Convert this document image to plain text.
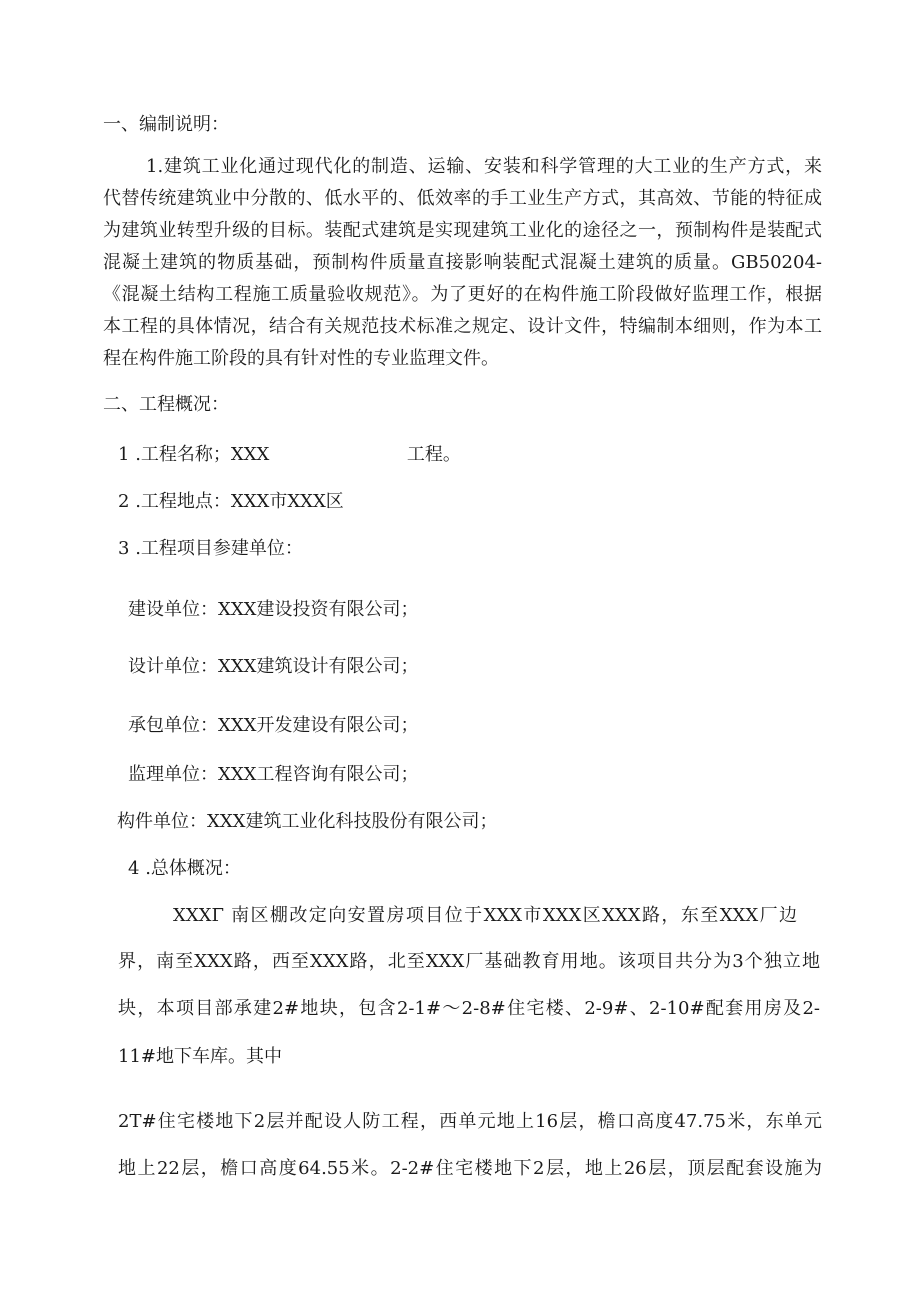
一、编制说明：
1.建筑工业化通过现代化的制造、运输、安装和科学管理的大工业的生产方式，来
代替传统建筑业中分散的、低水平的、低效率的手工业生产方式，其高效、节能的特征成
为建筑业转型升级的目标。装配式建筑是实现建筑工业化的途径之一，预制构件是装配式
混凝土建筑的物质基础，预制构件质量直接影响装配式混凝土建筑的质量。GB50204-
《混凝土结构工程施工质量验收规范》。为了更好的在构件施工阶段做好监理工作，根据
本工程的具体情况，结合有关规范技术标准之规定、设计文件，特编制本细则，作为本工
程在构件施工阶段的具有针对性的专业监理文件。
二、工程概况：
1 .工程名称；XXX	工程。
2 .工程地点：XXX市XXX区
3 .工程项目参建单位：
建设单位：XXX建设投资有限公司；
设计单位：XXX建筑设计有限公司；
承包单位：XXX开发建设有限公司；
监理单位：XXX工程咨询有限公司；
构件单位：XXX建筑工业化科技股份有限公司；
4 .总体概况：
XXXΓ 南区棚改定向安置房项目位于XXX市XXX区XXX路，东至XXX厂边
界，南至XXX路，西至XXX路，北至XXX厂基础教育用地。该项目共分为3个独立地
块，本项目部承建2#地块，包含2-1#～2-8#住宅楼、2-9#、2-10#配套用房及2-
11#地下车库。其中
2T#住宅楼地下2层并配设人防工程，西单元地上16层，檐口高度47.75米，东单元
地上22层，檐口高度64.55米。2-2#住宅楼地下2层，地上26层，顶层配套设施为
